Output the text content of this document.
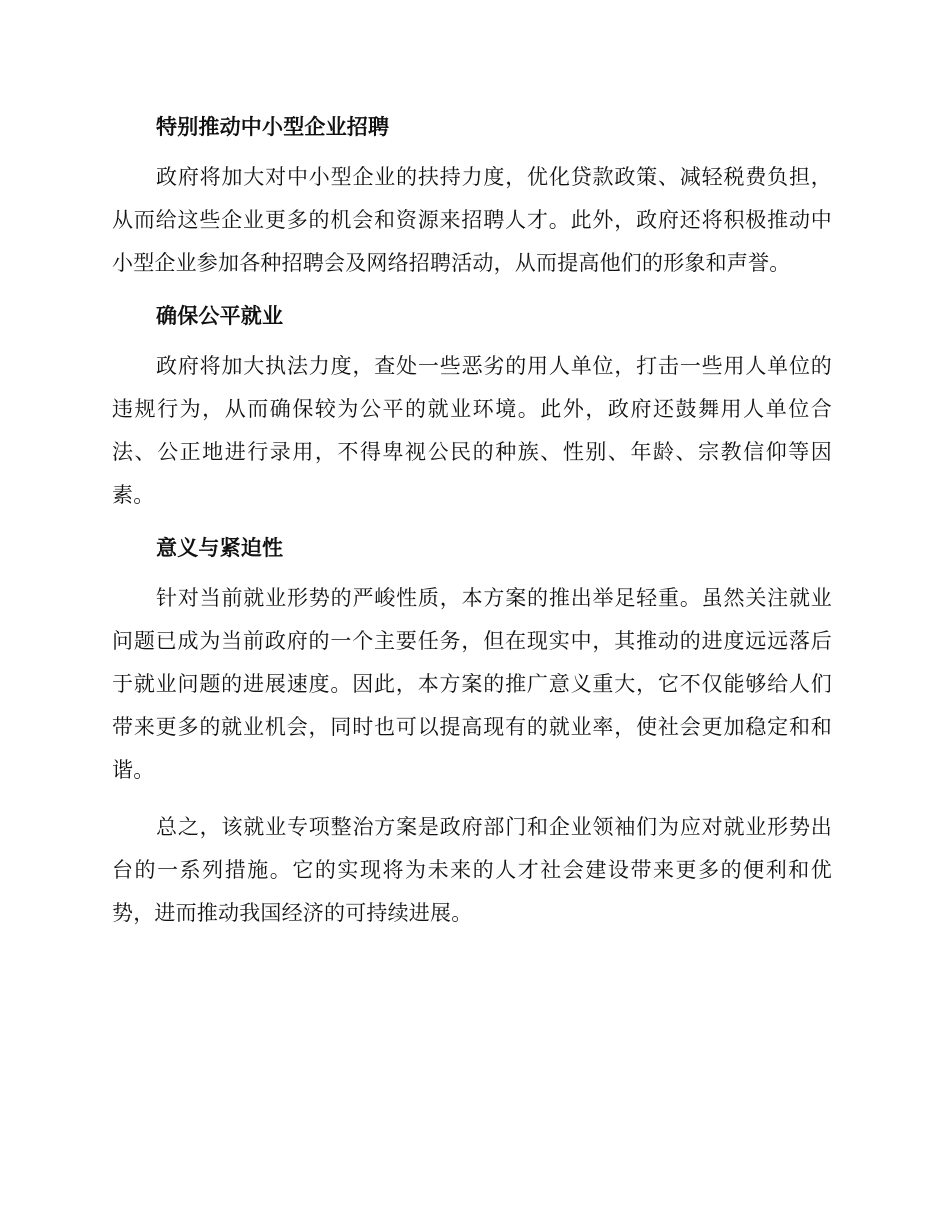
特别推动中小型企业招聘

政府将加大对中小型企业的扶持力度，优化贷款政策、减轻税费负担，从而给这些企业更多的机会和资源来招聘人才。此外，政府还将积极推动中小型企业参加各种招聘会及网络招聘活动，从而提高他们的形象和声誉。

确保公平就业

政府将加大执法力度，查处一些恶劣的用人单位，打击一些用人单位的违规行为，从而确保较为公平的就业环境。此外，政府还鼓舞用人单位合法、公正地进行录用，不得卑视公民的种族、性别、年龄、宗教信仰等因素。

意义与紧迫性

针对当前就业形势的严峻性质，本方案的推出举足轻重。虽然关注就业问题已成为当前政府的一个主要任务，但在现实中，其推动的进度远远落后于就业问题的进展速度。因此，本方案的推广意义重大，它不仅能够给人们带来更多的就业机会，同时也可以提高现有的就业率，使社会更加稳定和和谐。

总之，该就业专项整治方案是政府部门和企业领袖们为应对就业形势出台的一系列措施。它的实现将为未来的人才社会建设带来更多的便利和优势，进而推动我国经济的可持续进展。
